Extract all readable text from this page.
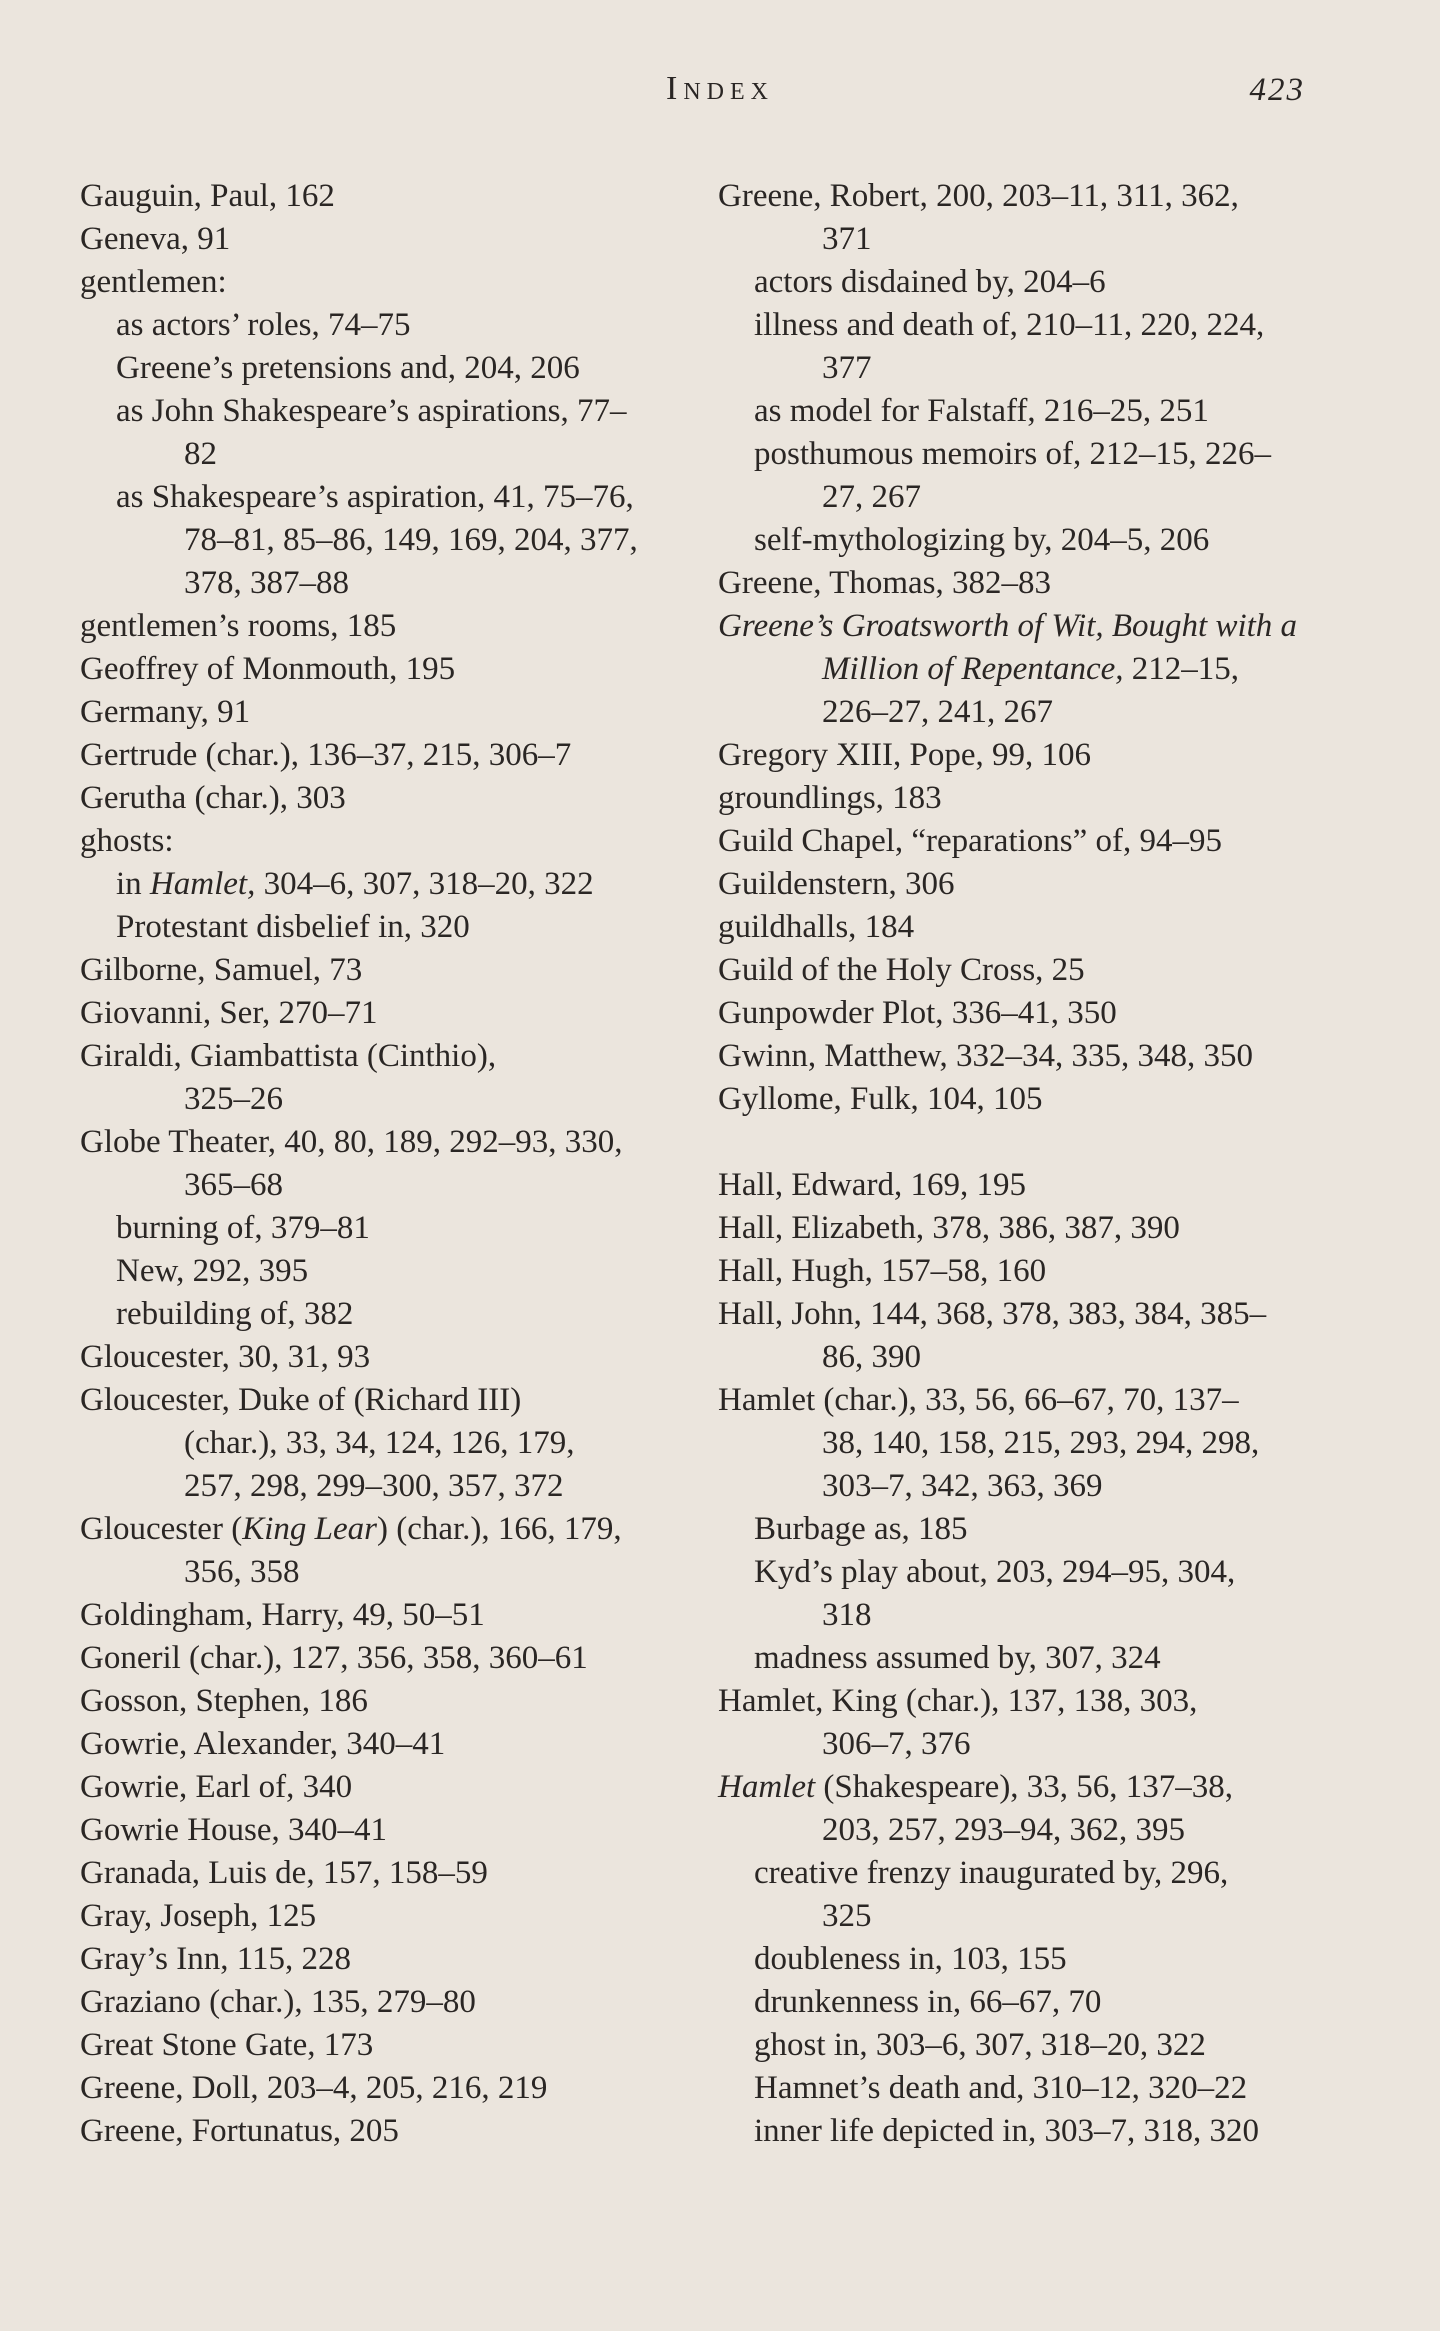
Index	423
Gauguin, Paul, 162
Geneva, 91
gentlemen:
as actors’ roles, 74–75
Greene’s pretensions and, 204, 206
as John Shakespeare’s aspirations, 77–
82
as Shakespeare’s aspiration, 41, 75–76,
78–81, 85–86, 149, 169, 204, 377,
378, 387–88
gentlemen’s rooms, 185
Geoffrey of Monmouth, 195
Germany, 91
Gertrude (char.), 136–37, 215, 306–7
Gerutha (char.), 303
ghosts:
in Hamlet, 304–6, 307, 318–20, 322
Protestant disbelief in, 320
Gilborne, Samuel, 73
Giovanni, Ser, 270–71
Giraldi, Giambattista (Cinthio),
325–26
Globe Theater, 40, 80, 189, 292–93, 330,
365–68
burning of, 379–81
New, 292, 395
rebuilding of, 382
Gloucester, 30, 31, 93
Gloucester, Duke of (Richard III)
(char.), 33, 34, 124, 126, 179,
257, 298, 299–300, 357, 372
Gloucester (King Lear) (char.), 166, 179,
356, 358
Goldingham, Harry, 49, 50–51
Goneril (char.), 127, 356, 358, 360–61
Gosson, Stephen, 186
Gowrie, Alexander, 340–41
Gowrie, Earl of, 340
Gowrie House, 340–41
Granada, Luis de, 157, 158–59
Gray, Joseph, 125
Gray’s Inn, 115, 228
Graziano (char.), 135, 279–80
Great Stone Gate, 173
Greene, Doll, 203–4, 205, 216, 219
Greene, Fortunatus, 205
Greene, Robert, 200, 203–11, 311, 362,
371
actors disdained by, 204–6
illness and death of, 210–11, 220, 224,
377
as model for Falstaff, 216–25, 251
posthumous memoirs of, 212–15, 226–
27, 267
self-mythologizing by, 204–5, 206
Greene, Thomas, 382–83
Greene’s Groatsworth of Wit, Bought with a
Million of Repentance, 212–15,
226–27, 241, 267
Gregory XIII, Pope, 99, 106
groundlings, 183
Guild Chapel, “reparations” of, 94–95
Guildenstern, 306
guildhalls, 184
Guild of the Holy Cross, 25
Gunpowder Plot, 336–41, 350
Gwinn, Matthew, 332–34, 335, 348, 350
Gyllome, Fulk, 104, 105
Hall, Edward, 169, 195
Hall, Elizabeth, 378, 386, 387, 390
Hall, Hugh, 157–58, 160
Hall, John, 144, 368, 378, 383, 384, 385–
86, 390
Hamlet (char.), 33, 56, 66–67, 70, 137–
38, 140, 158, 215, 293, 294, 298,
303–7, 342, 363, 369
Burbage as, 185
Kyd’s play about, 203, 294–95, 304,
318
madness assumed by, 307, 324
Hamlet, King (char.), 137, 138, 303,
306–7, 376
Hamlet (Shakespeare), 33, 56, 137–38,
203, 257, 293–94, 362, 395
creative frenzy inaugurated by, 296,
325
doubleness in, 103, 155
drunkenness in, 66–67, 70
ghost in, 303–6, 307, 318–20, 322
Hamnet’s death and, 310–12, 320–22
inner life depicted in, 303–7, 318, 320
